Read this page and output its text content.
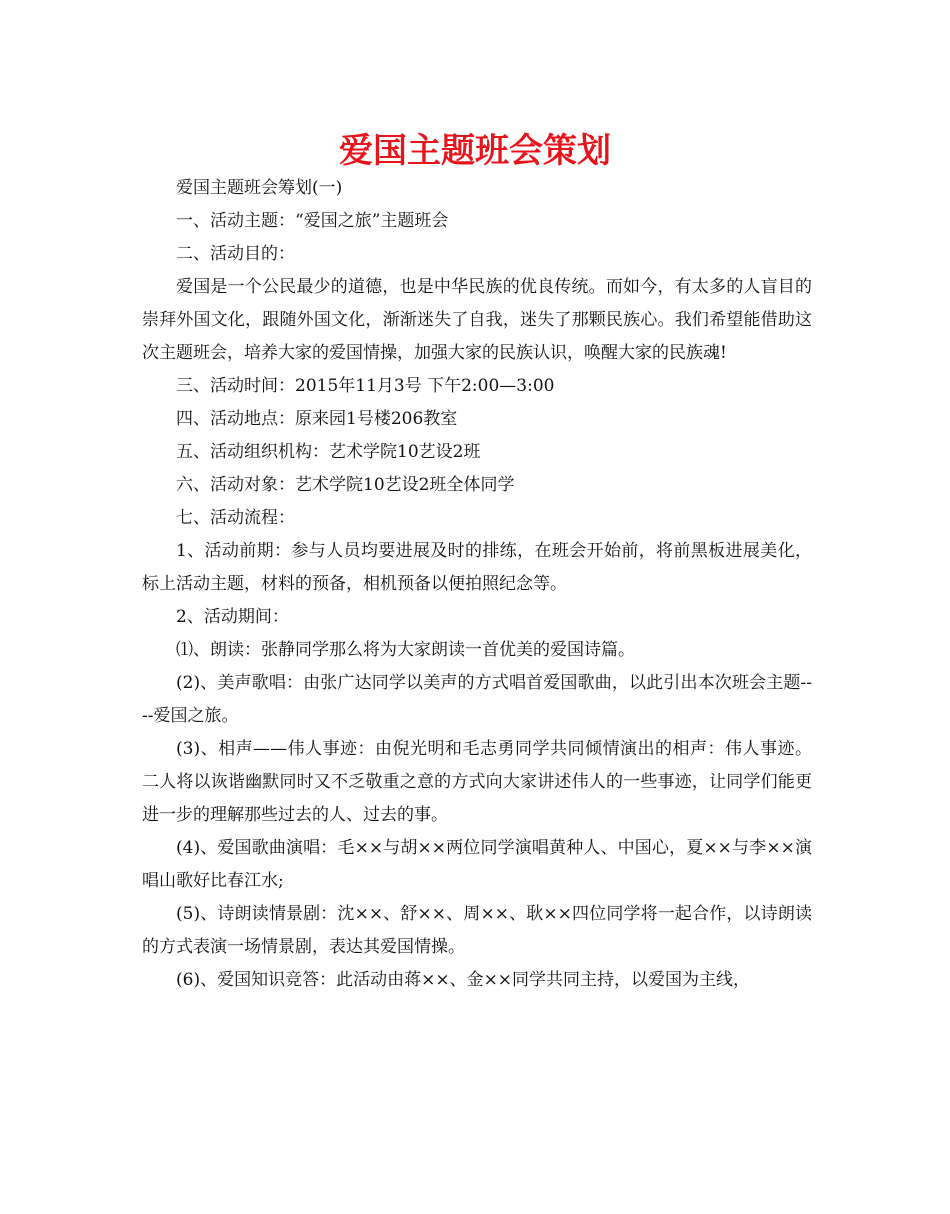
爱国主题班会策划

爱国主题班会筹划(一)

一、活动主题：“爱国之旅”主题班会

二、活动目的：

爱国是一个公民最少的道德，也是中华民族的优良传统。而如今，有太多的人盲目的崇拜外国文化，跟随外国文化，渐渐迷失了自我，迷失了那颗民族心。我们希望能借助这次主题班会，培养大家的爱国情操，加强大家的民族认识，唤醒大家的民族魂!

三、活动时间：2015年11月3号 下午2:00—3:00

四、活动地点：原来园1号楼206教室

五、活动组织机构：艺术学院10艺设2班

六、活动对象：艺术学院10艺设2班全体同学

七、活动流程：

1、活动前期：参与人员均要进展及时的排练，在班会开始前，将前黑板进展美化，标上活动主题，材料的预备，相机预备以便拍照纪念等。

2、活动期间：

⑴、朗读：张静同学那么将为大家朗读一首优美的爱国诗篇。

(2)、美声歌唱：由张广达同学以美声的方式唱首爱国歌曲，以此引出本次班会主题----爱国之旅。

(3)、相声——伟人事迹：由倪光明和毛志勇同学共同倾情演出的相声：伟人事迹。二人将以诙谐幽默同时又不乏敬重之意的方式向大家讲述伟人的一些事迹，让同学们能更进一步的理解那些过去的人、过去的事。

(4)、爱国歌曲演唱：毛××与胡××两位同学演唱黄种人、中国心，夏××与李××演唱山歌好比春江水;

(5)、诗朗读情景剧：沈××、舒××、周××、耿××四位同学将一起合作，以诗朗读的方式表演一场情景剧，表达其爱国情操。

(6)、爱国知识竞答：此活动由蒋××、金××同学共同主持，以爱国为主线，
